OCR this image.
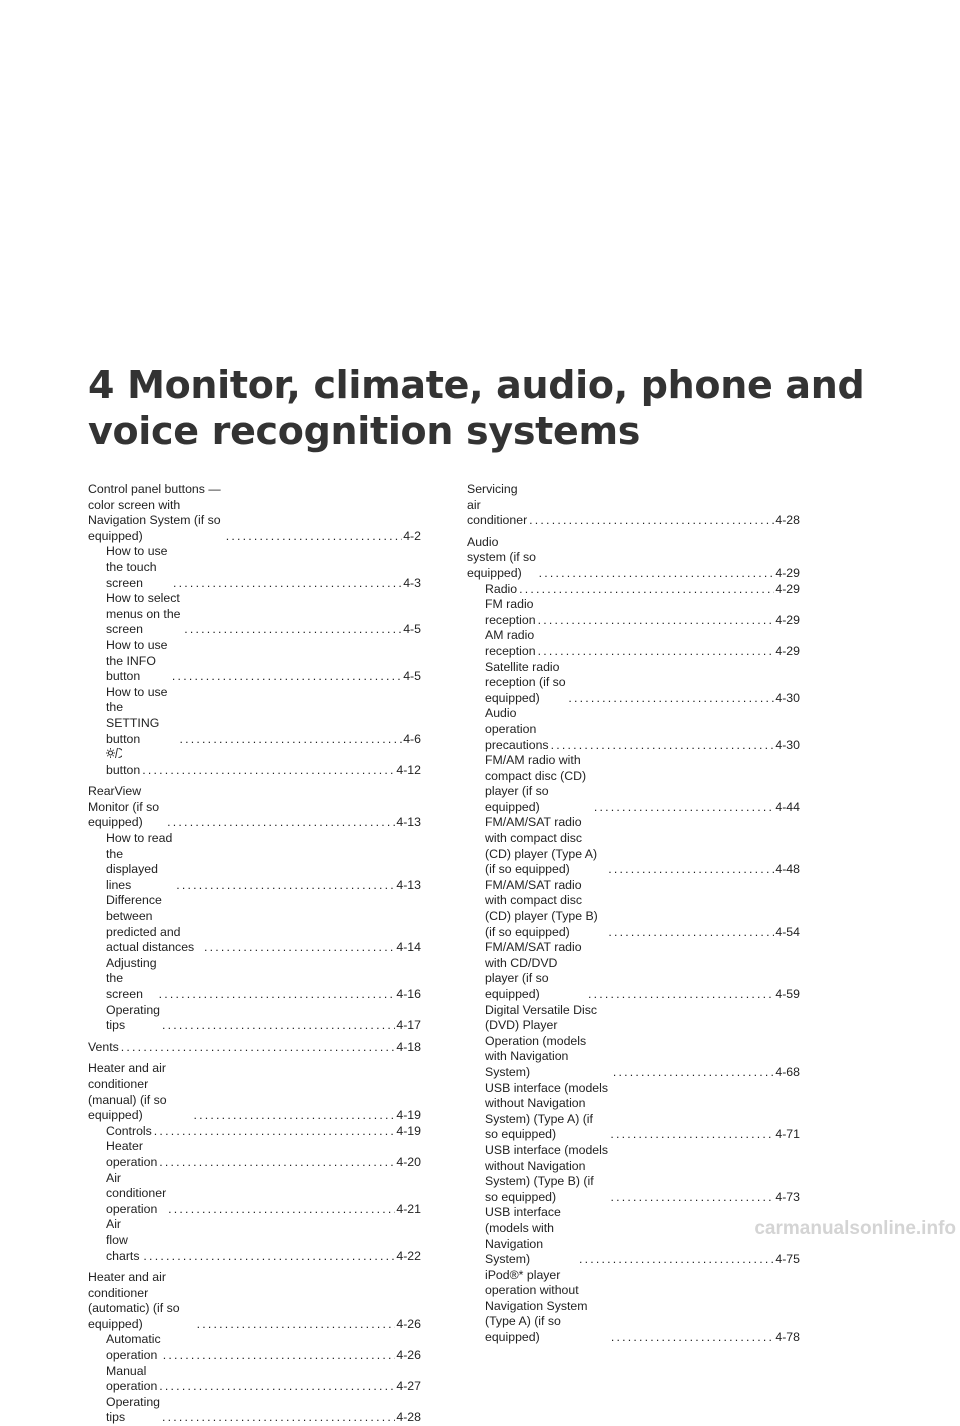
4 Monitor, climate, audio, phone and voice recognition systems
Control panel buttons — color screen with Navigation System (if so equipped) . . .	4-2
How to use the touch screen . . .	4-3
How to select menus on the screen . . .	4-5
How to use the INFO button . . .	4-5
How to use the SETTING button . . .	4-6
button . . .	4-12
RearView Monitor (if so equipped) . . .	4-13
How to read the displayed lines . . .	4-13
Difference between predicted and actual distances . . .	4-14
Adjusting the screen . . .	4-16
Operating tips . . .	4-17
Vents . . .	4-18
Heater and air conditioner (manual) (if so equipped) . . .	4-19
Controls . . .	4-19
Heater operation . . .	4-20
Air conditioner operation . . .	4-21
Air flow charts . . .	4-22
Heater and air conditioner (automatic) (if so equipped) . . .	4-26
Automatic operation . . .	4-26
Manual operation . . .	4-27
Operating tips . . .	4-28
Servicing air conditioner . . .	4-28
Audio system (if so equipped) . . .	4-29
Radio . . .	4-29
FM radio reception . . .	4-29
AM radio reception . . .	4-29
Satellite radio reception (if so equipped) . . .	4-30
Audio operation precautions . . .	4-30
FM/AM radio with compact disc (CD) player (if so equipped) . . .	4-44
FM/AM/SAT radio with compact disc (CD) player (Type A) (if so equipped) . . .	4-48
FM/AM/SAT radio with compact disc (CD) player (Type B) (if so equipped) . . .	4-54
FM/AM/SAT radio with CD/DVD player (if so equipped) . . .	4-59
Digital Versatile Disc (DVD) Player Operation (models with Navigation System) . . .	4-68
USB interface (models without Navigation System) (Type A) (if so equipped) . . .	4-71
USB interface (models without Navigation System) (Type B) (if so equipped) . . .	4-73
USB interface (models with Navigation System) . . .	4-75
iPod®* player operation without Navigation System (Type A) (if so equipped) . . .	4-78
carmanualsonline.info
